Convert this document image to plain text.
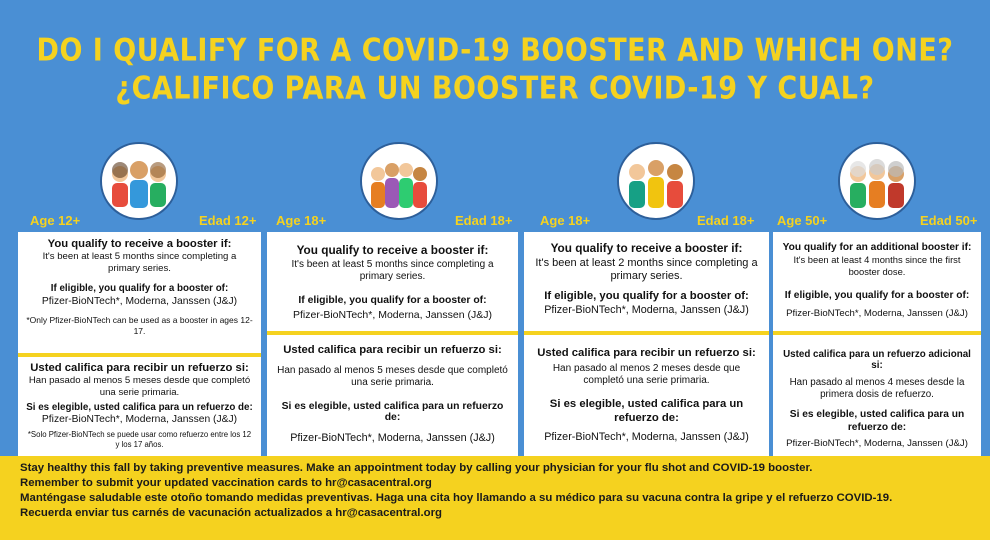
DO I QUALIFY FOR A COVID-19 BOOSTER AND WHICH ONE?
¿CALIFICO PARA UN BOOSTER COVID-19 Y CUAL?
Age 12+	Edad 12+ Age 18+	Edad 18+ Age 18+	Edad 18+ Age 50+	Edad 50+
You qualify to receive a booster if:
It's been at least 5 months since completing a primary series.
If eligible, you qualify for a booster of:
Pfizer-BioNTech*, Moderna, Janssen (J&J)
*Only Pfizer-BioNTech can be used as a booster in ages 12-17.
Usted califica para recibir un refuerzo si:
Han pasado al menos 5 meses desde que completó una serie primaria.
Si es elegible, usted califica para un refuerzo de:
Pfizer-BioNTech*, Moderna, Janssen (J&J)
*Solo Pfizer-BioNTech se puede usar como refuerzo entre los 12 y los 17 años.
You qualify to receive a booster if:
It's been at least 5 months since completing a primary series.
If eligible, you qualify for a booster of:
Pfizer-BioNTech*, Moderna, Janssen (J&J)
Usted califica para recibir un refuerzo si:
Han pasado al menos 5 meses desde que completó una serie primaria.
Si es elegible, usted califica para un refuerzo de:
Pfizer-BioNTech*, Moderna, Janssen (J&J)
You qualify to receive a booster if:
It's been at least 2 months since completing a primary series.
If eligible, you qualify for a booster of:
Pfizer-BioNTech*, Moderna, Janssen (J&J)
Usted califica para recibir un refuerzo si:
Han pasado al menos 2 meses desde que completó una serie primaria.
Si es elegible, usted califica para un refuerzo de:
Pfizer-BioNTech*, Moderna, Janssen (J&J)
You qualify for an additional booster if:
It's been at least 4 months since the first booster dose.
If eligible, you qualify for a booster of:
Pfizer-BioNTech*, Moderna, Janssen (J&J)
Usted califica para un refuerzo adicional si:
Han pasado al menos 4 meses desde la primera dosis de refuerzo.
Si es elegible, usted califica para un refuerzo de:
Pfizer-BioNTech*, Moderna, Janssen (J&J)
Stay healthy this fall by taking preventive measures. Make an appointment today by calling your physician for your flu shot and COVID-19 booster.
Remember to submit your updated vaccination cards to hr@casacentral.org
Manténgase saludable este otoño tomando medidas preventivas. Haga una cita hoy llamando a su médico para su vacuna contra la gripe y el refuerzo COVID-19.
Recuerda enviar tus carnés de vacunación actualizados a hr@casacentral.org
